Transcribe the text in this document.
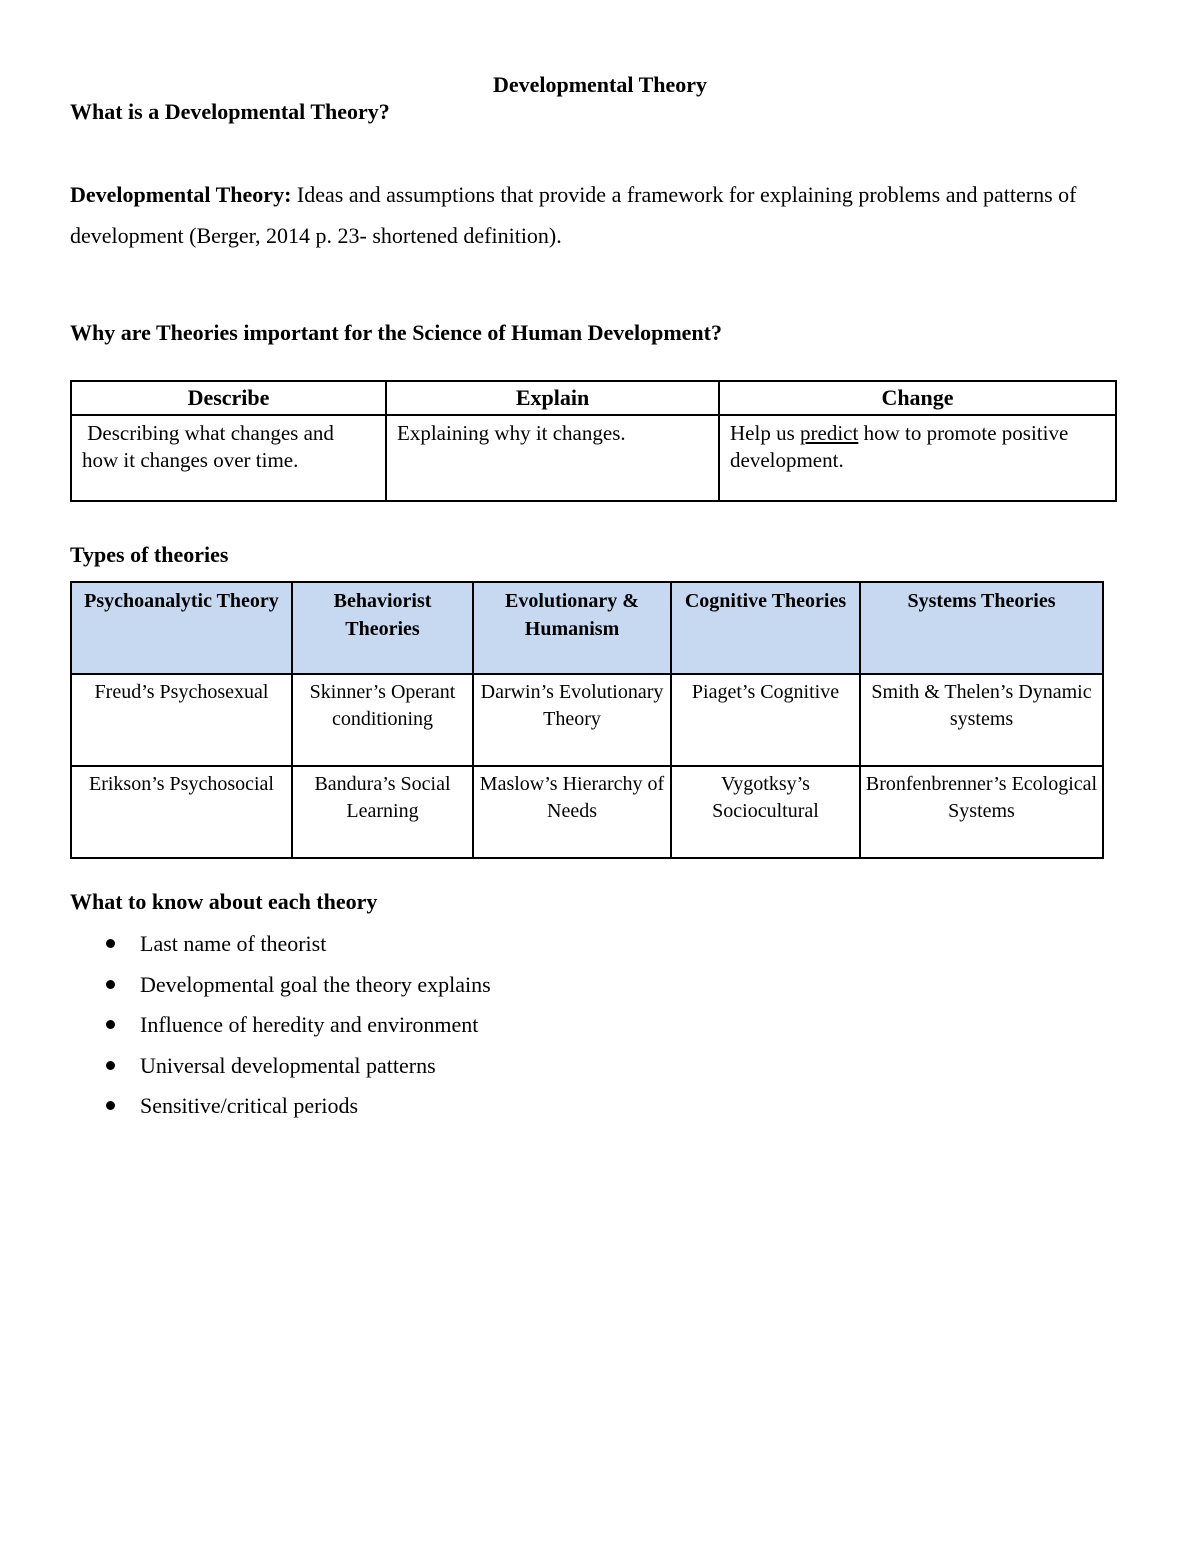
Developmental Theory

What is a Developmental Theory?

Developmental Theory: Ideas and assumptions that provide a framework for explaining problems and patterns of development (Berger, 2014 p. 23- shortened definition).

Why are Theories important for the Science of Human Development?

Describe	Explain	Change
Describing what changes and how it changes over time.	Explaining why it changes.	Help us predict how to promote positive development.

Types of theories

Psychoanalytic Theory	Behaviorist Theories	Evolutionary & Humanism	Cognitive Theories	Systems Theories
Freud’s Psychosexual	Skinner’s Operant conditioning	Darwin’s Evolutionary Theory	Piaget’s Cognitive	Smith & Thelen’s Dynamic systems
Erikson’s Psychosocial	Bandura’s Social Learning	Maslow’s Hierarchy of Needs	Vygotksy’s Sociocultural	Bronfenbrenner’s Ecological Systems

What to know about each theory

Last name of theorist
Developmental goal the theory explains
Influence of heredity and environment
Universal developmental patterns
Sensitive/critical periods
